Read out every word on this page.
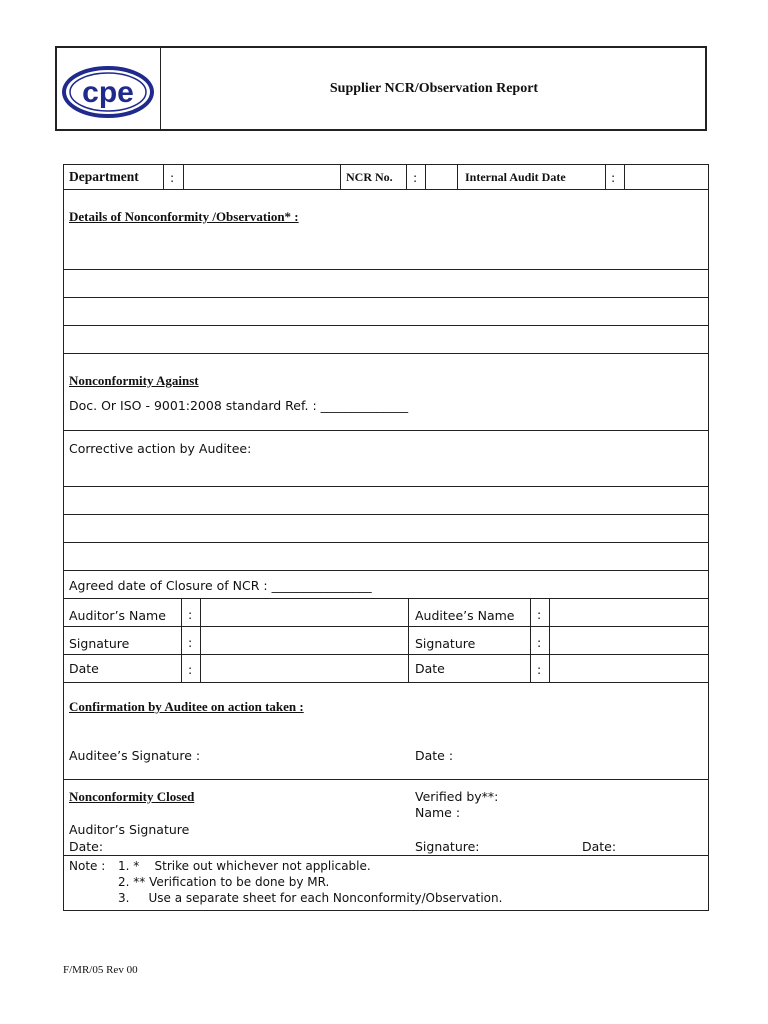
cpe	Supplier NCR/Observation Report
Department	:	NCR No. :	Internal Audit Date	:
Details of Nonconformity /Observation* :
Nonconformity Against
Doc. Or ISO - 9001:2008 standard Ref. : ______________
Corrective action by Auditee:
Agreed date of Closure of NCR : ________________
Auditor’s Name :	Auditee’s Name :
Signature	:	Signature	:
Date	:	Date	:
Confirmation by Auditee on action taken :
Auditee’s Signature :	Date :
Nonconformity Closed	Verified by**:
Name :
Auditor’s Signature
Date:	Signature:	Date:
Note : 1. *    Strike out whichever not applicable.
2. ** Verification to be done by MR.
3.     Use a separate sheet for each Nonconformity/Observation.
F/MR/05 Rev 00
